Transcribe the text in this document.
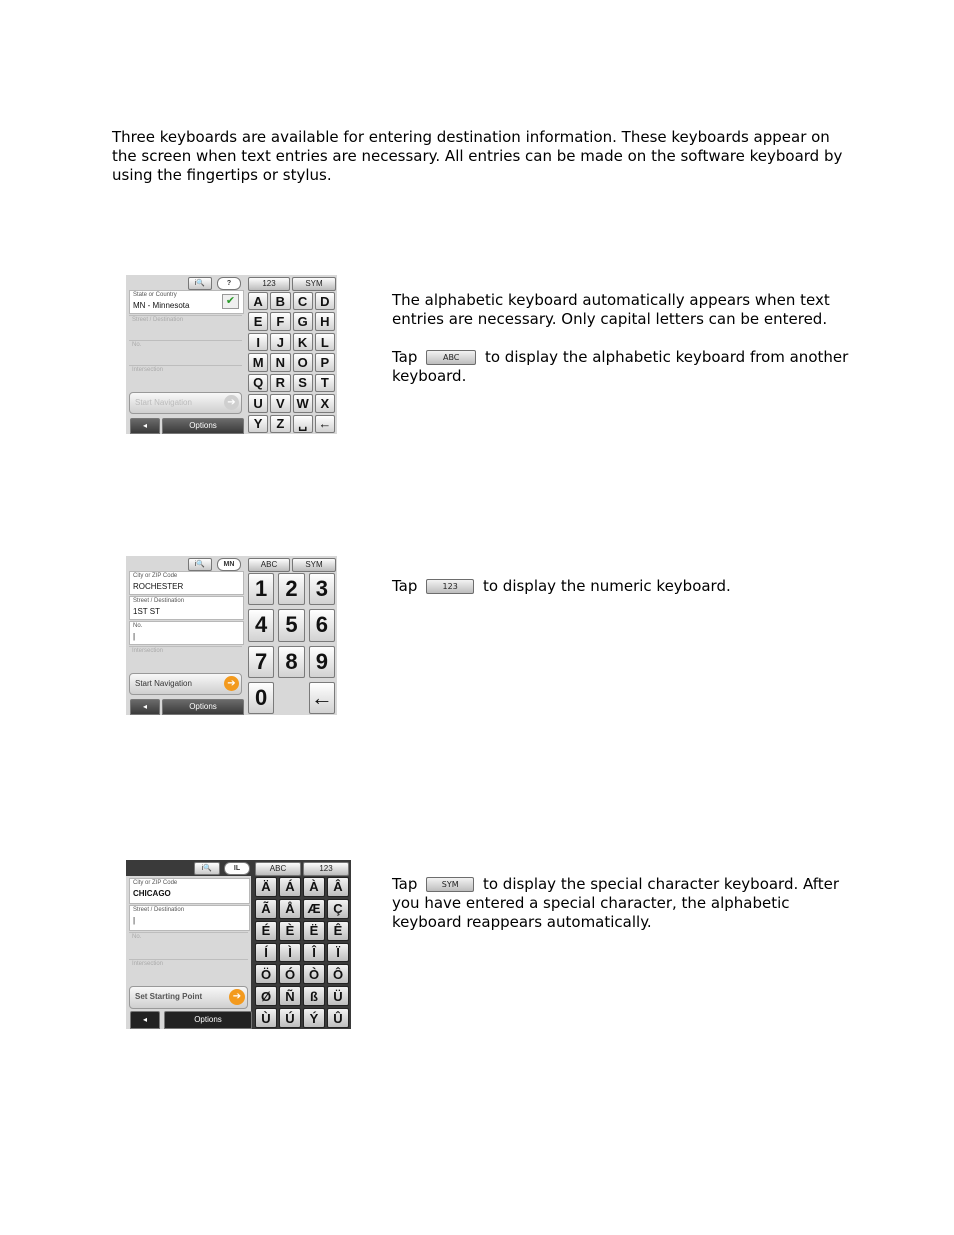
Three keyboards are available for entering destination information. These keyboards appear on the screen when text entries are necessary. All entries can be made on the software keyboard by using the fingertips or stylus.
i🔍	?	123	SYM
State or Country
MN - Minnesota	✔
Street / Destination
No.
Intersection
Start Navigation	➔
◂	Options
A B C D
E	F	G H
I	J	K	L
M N O P
Q R	S	T
U	V W X
Y	Z	␣ ←

The alphabetic keyboard automatically appears when text entries are necessary. Only capital letters can be entered.

Tap	ABC to display the alphabetic keyboard from another keyboard.

i🔍	MN	ABC	SYM
City or ZIP Code
ROCHESTER
Street / Destination
1ST ST
No.
|
Intersection
Start Navigation	➔
◂	Options
1 2 3
4 5 6
7 8 9
0	←

Tap	123 to display the numeric keyboard.

i🔍	IL	ABC	123
City or ZIP Code
CHICAGO
Street / Destination
|
No.
Intersection
Set Starting Point	➔
◂	Options
Ä	Á	À	Â
Ã	Å Æ Ç
É	È	Ë	Ê
Í	Ì	Î	Ï
Ö	Ó	Ò	Ô
Ø	Ñ	ß	Ü
Ù	Ú	Ý	Û

Tap	SYM to display the special character keyboard. After you have entered a special character, the alphabetic keyboard reappears automatically.
